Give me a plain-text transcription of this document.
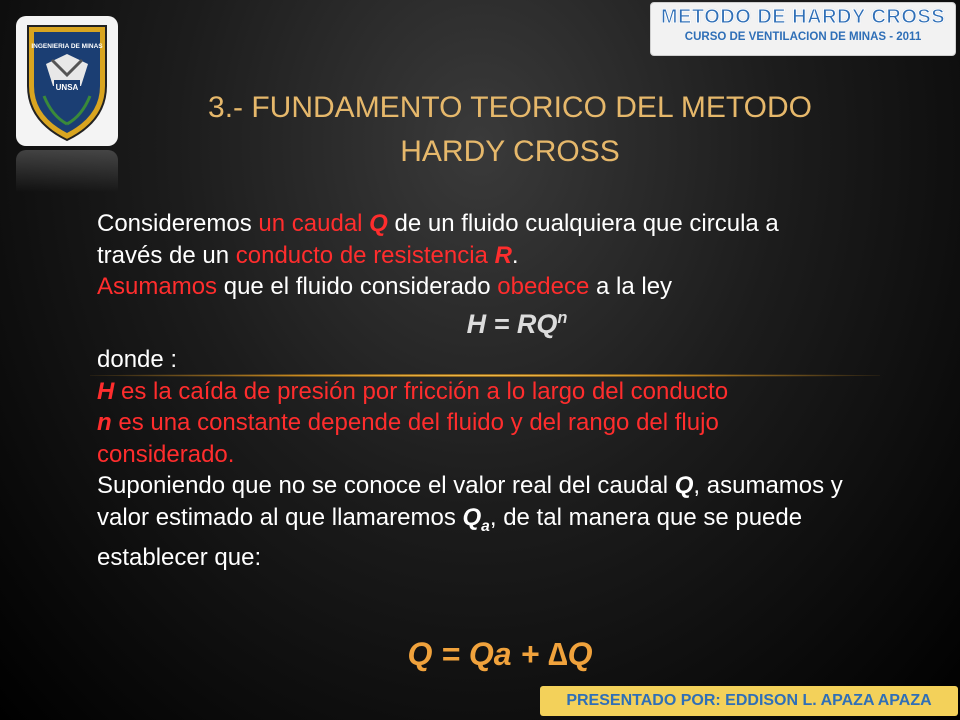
INGENIERIA DE MINAS
UNSA
METODO DE HARDY CROSS
CURSO DE VENTILACION DE MINAS - 2011
3.- FUNDAMENTO TEORICO DEL METODO
HARDY CROSS
Consideremos un caudal Q de un fluido cualquiera que circula a
través de un conducto de resistencia R.
Asumamos que el fluido considerado obedece a la ley
$H = RQ^n$
donde :
H es la caída de presión por fricción a lo largo del conducto
n es una constante depende del fluido y del rango del flujo
considerado.
Suponiendo que no se conoce el valor real del caudal Q, asumamos y
valor estimado al que llamaremos $Q_a$, de tal manera que se puede
establecer que:
Q = Qa + ∆Q
PRESENTADO POR: EDDISON L. APAZA APAZA
